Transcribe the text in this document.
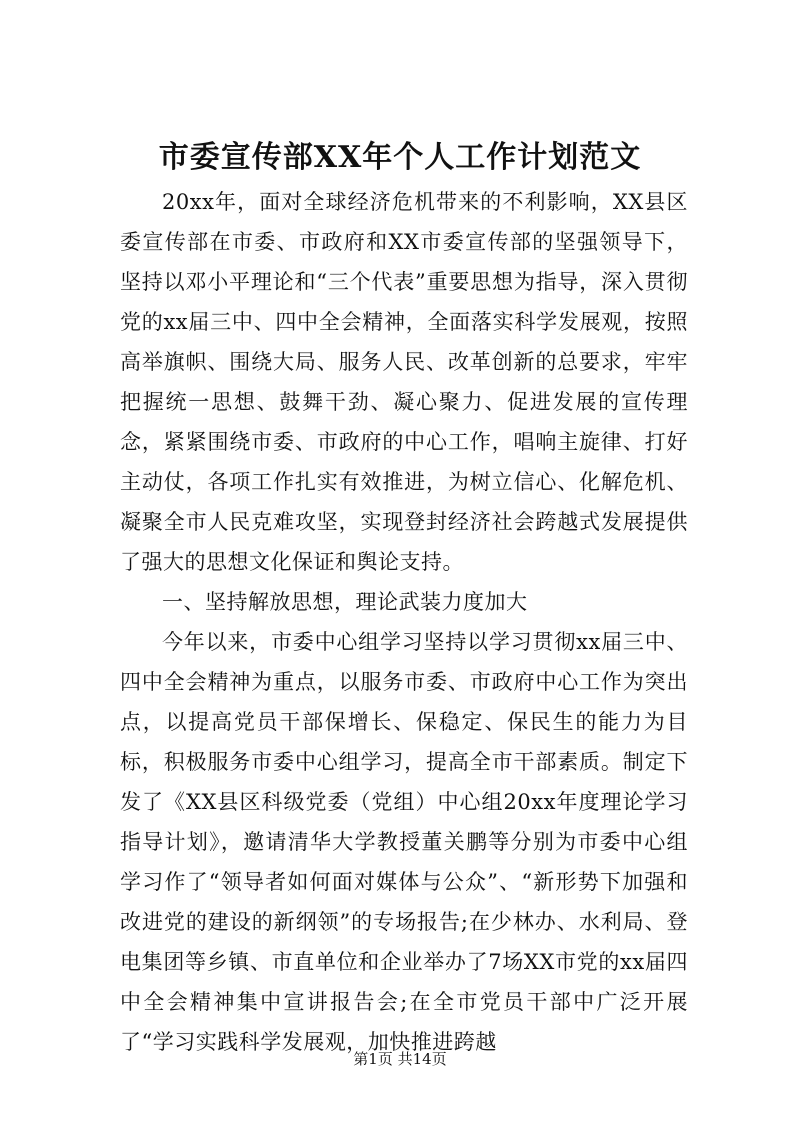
市委宣传部XX年个人工作计划范文

20xx年，面对全球经济危机带来的不利影响，XX县区委宣传部在市委、市政府和XX市委宣传部的坚强领导下，坚持以邓小平理论和“三个代表”重要思想为指导，深入贯彻党的xx届三中、四中全会精神，全面落实科学发展观，按照高举旗帜、围绕大局、服务人民、改革创新的总要求，牢牢把握统一思想、鼓舞干劲、凝心聚力、促进发展的宣传理念，紧紧围绕市委、市政府的中心工作，唱响主旋律、打好主动仗，各项工作扎实有效推进，为树立信心、化解危机、凝聚全市人民克难攻坚，实现登封经济社会跨越式发展提供了强大的思想文化保证和舆论支持。

一、坚持解放思想，理论武装力度加大

今年以来，市委中心组学习坚持以学习贯彻xx届三中、四中全会精神为重点，以服务市委、市政府中心工作为突出点，以提高党员干部保增长、保稳定、保民生的能力为目标，积极服务市委中心组学习，提高全市干部素质。制定下发了《XX县区科级党委（党组）中心组20xx年度理论学习指导计划》，邀请清华大学教授董关鹏等分别为市委中心组学习作了“领导者如何面对媒体与公众”、“新形势下加强和改进党的建设的新纲领”的专场报告;在少林办、水利局、登电集团等乡镇、市直单位和企业举办了7场XX市党的xx届四中全会精神集中宣讲报告会;在全市党员干部中广泛开展了“学习实践科学发展观，加快推进跨越

第1页 共14页
